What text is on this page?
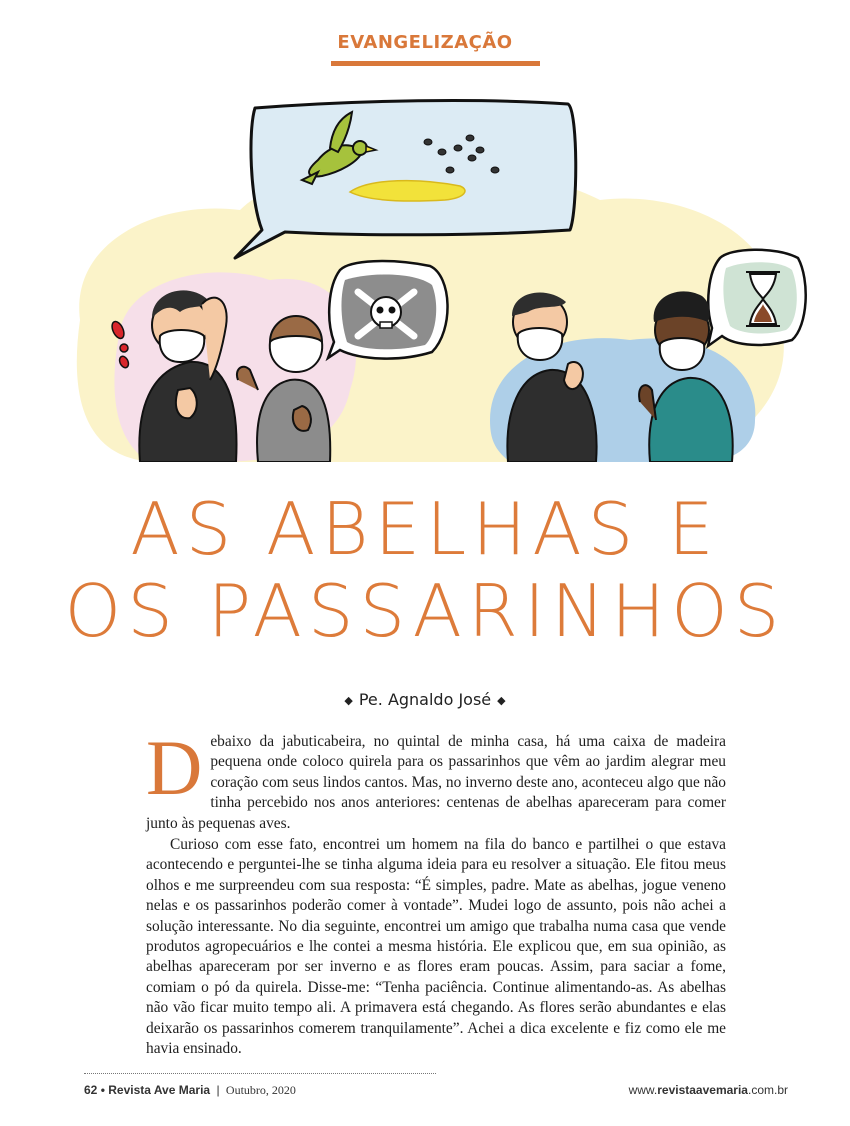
EVANGELIZAÇÃO
AS ABELHAS E
OS PASSARINHOS
◆ Pe. Agnaldo José ◆

Debaixo da jabuticabeira, no quintal de minha casa, há uma caixa de madeira pequena onde coloco quirela para os passarinhos que vêm ao jardim alegrar meu coração com seus lindos cantos. Mas, no inverno deste ano, aconteceu algo que não tinha percebido nos anos anteriores: centenas de abelhas apareceram para comer junto às pequenas aves.

Curioso com esse fato, encontrei um homem na fila do banco e partilhei o que estava acontecendo e perguntei-lhe se tinha alguma ideia para eu resolver a situação. Ele fitou meus olhos e me surpreendeu com sua resposta: “É simples, padre. Mate as abelhas, jogue veneno nelas e os passarinhos poderão comer à vontade”. Mudei logo de assunto, pois não achei a solução interessante. No dia seguinte, encontrei um amigo que trabalha numa casa que vende produtos agropecuários e lhe contei a mesma história. Ele explicou que, em sua opinião, as abelhas apareceram por ser inverno e as flores eram poucas. Assim, para saciar a fome, comiam o pó da quirela. Disse-me: “Tenha paciência. Continue alimentando-as. As abelhas não vão ficar muito tempo ali. A primavera está chegando. As flores serão abundantes e elas deixarão os passarinhos comerem tranquilamente”. Achei a dica excelente e fiz como ele me havia ensinado.

62 • Revista Ave Maria | Outubro, 2020	www.revistaavemaria.com.br
